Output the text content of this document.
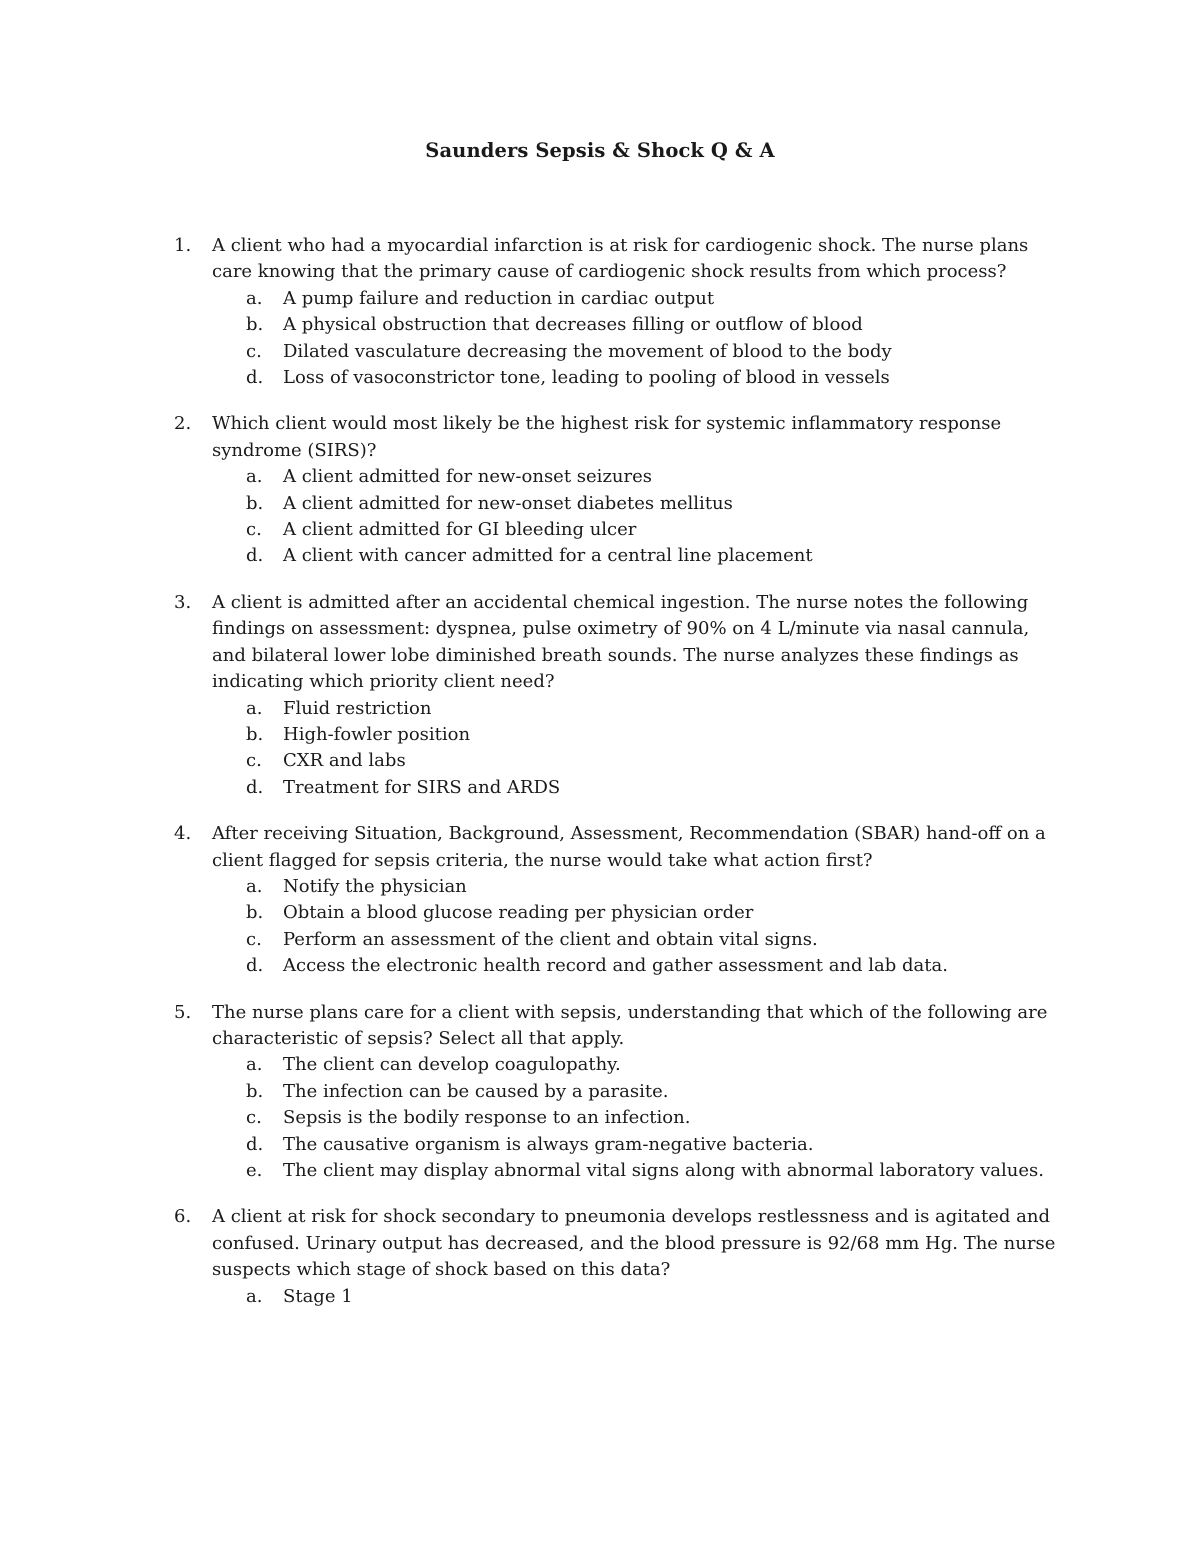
Saunders Sepsis & Shock Q & A
1. A client who had a myocardial infarction is at risk for cardiogenic shock. The nurse plans care knowing that the primary cause of cardiogenic shock results from which process?
a. A pump failure and reduction in cardiac output
b. A physical obstruction that decreases filling or outflow of blood
c. Dilated vasculature decreasing the movement of blood to the body
d. Loss of vasoconstrictor tone, leading to pooling of blood in vessels
2. Which client would most likely be the highest risk for systemic inflammatory response syndrome (SIRS)?
a. A client admitted for new-onset seizures
b. A client admitted for new-onset diabetes mellitus
c. A client admitted for GI bleeding ulcer
d. A client with cancer admitted for a central line placement
3. A client is admitted after an accidental chemical ingestion. The nurse notes the following findings on assessment: dyspnea, pulse oximetry of 90% on 4 L/minute via nasal cannula, and bilateral lower lobe diminished breath sounds. The nurse analyzes these findings as indicating which priority client need?
a. Fluid restriction
b. High-fowler position
c. CXR and labs
d. Treatment for SIRS and ARDS
4. After receiving Situation, Background, Assessment, Recommendation (SBAR) hand-off on a client flagged for sepsis criteria, the nurse would take what action first?
a. Notify the physician
b. Obtain a blood glucose reading per physician order
c. Perform an assessment of the client and obtain vital signs.
d. Access the electronic health record and gather assessment and lab data.
5. The nurse plans care for a client with sepsis, understanding that which of the following are characteristic of sepsis? Select all that apply.
a. The client can develop coagulopathy.
b. The infection can be caused by a parasite.
c. Sepsis is the bodily response to an infection.
d. The causative organism is always gram-negative bacteria.
e. The client may display abnormal vital signs along with abnormal laboratory values.
6. A client at risk for shock secondary to pneumonia develops restlessness and is agitated and confused. Urinary output has decreased, and the blood pressure is 92/68 mm Hg. The nurse suspects which stage of shock based on this data?
a. Stage 1
